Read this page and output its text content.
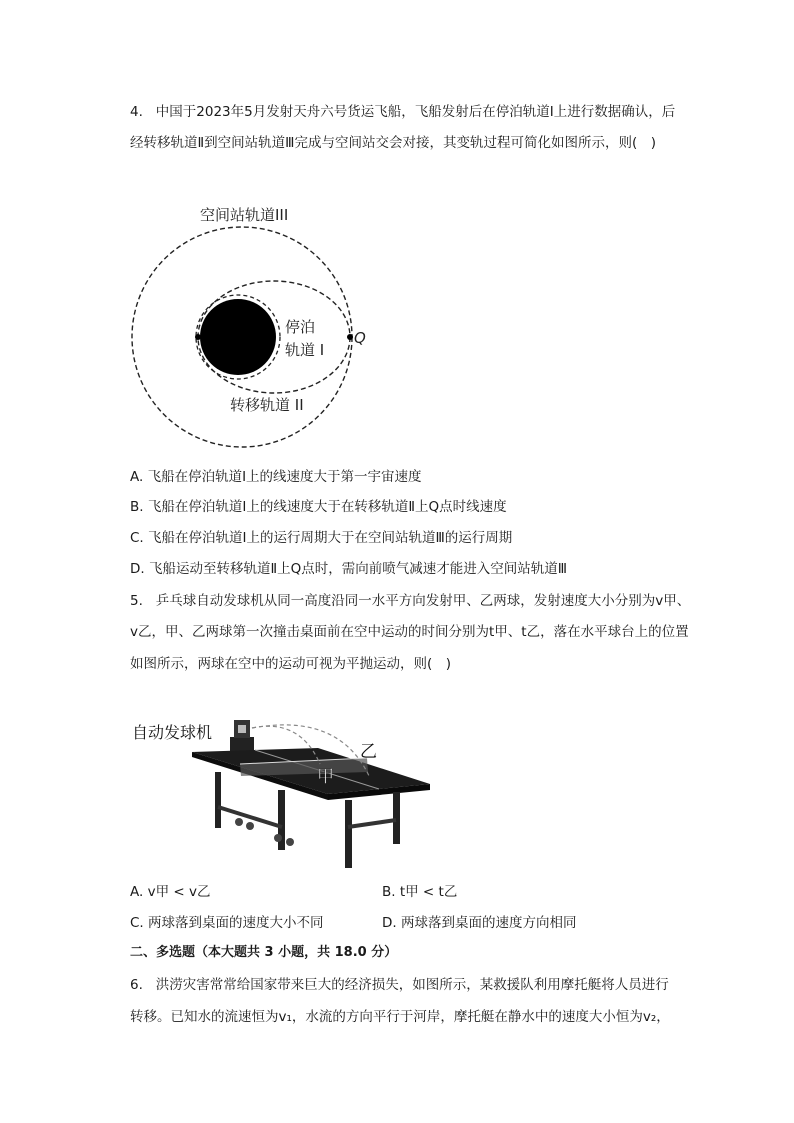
4. 中国于2023年5月发射天舟六号货运飞船，飞船发射后在停泊轨道Ⅰ上进行数据确认，后
经转移轨道Ⅱ到空间站轨道Ⅲ完成与空间站交会对接，其变轨过程可简化如图所示，则(　)
空间站轨道III
停泊
轨道 I
Q
转移轨道 II
A. 飞船在停泊轨道Ⅰ上的线速度大于第一宇宙速度
B. 飞船在停泊轨道Ⅰ上的线速度大于在转移轨道Ⅱ上Q点时线速度
C. 飞船在停泊轨道Ⅰ上的运行周期大于在空间站轨道Ⅲ的运行周期
D. 飞船运动至转移轨道Ⅱ上Q点时，需向前喷气减速才能进入空间站轨道Ⅲ
5. 乒乓球自动发球机从同一高度沿同一水平方向发射甲、乙两球，发射速度大小分别为v甲、
v乙，甲、乙两球第一次撞击桌面前在空中运动的时间分别为t甲、t乙，落在水平球台上的位置
如图所示，两球在空中的运动可视为平抛运动，则(　)
自动发球机
甲
乙
A. v甲 < v乙	B. t甲 < t乙
C. 两球落到桌面的速度大小不同	D. 两球落到桌面的速度方向相同
二、多选题（本大题共 3 小题，共 18.0 分）
6. 洪涝灾害常常给国家带来巨大的经济损失，如图所示，某救援队利用摩托艇将人员进行
转移。已知水的流速恒为v₁，水流的方向平行于河岸，摩托艇在静水中的速度大小恒为v₂，
